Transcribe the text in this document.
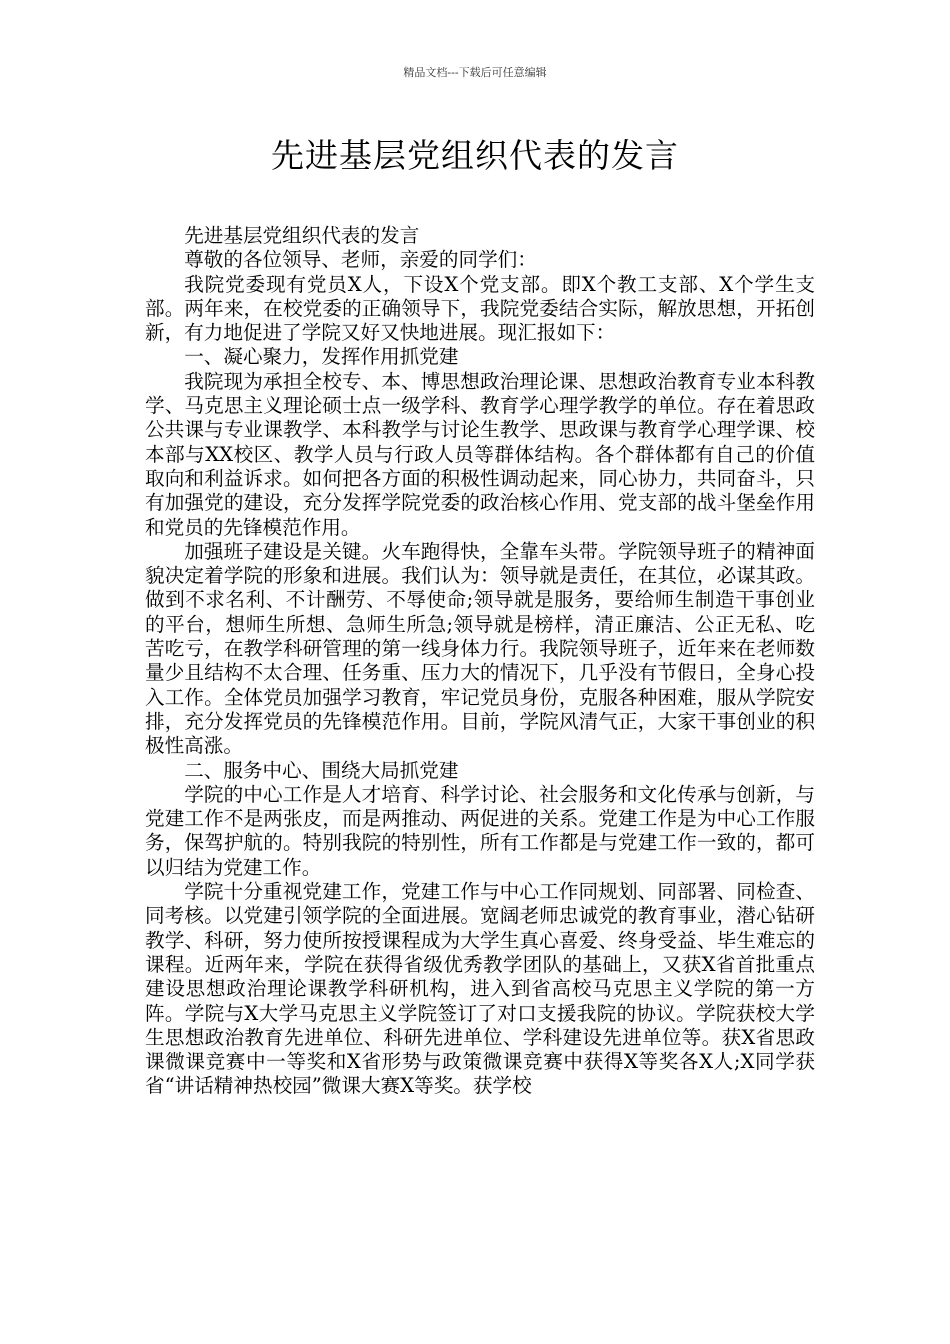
精品文档---下载后可任意编辑
先进基层党组织代表的发言

先进基层党组织代表的发言

尊敬的各位领导、老师，亲爱的同学们：

我院党委现有党员X人，下设X个党支部。即X个教工支部、X个学生支部。两年来，在校党委的正确领导下，我院党委结合实际，解放思想，开拓创新，有力地促进了学院又好又快地进展。现汇报如下：

一、凝心聚力，发挥作用抓党建

我院现为承担全校专、本、博思想政治理论课、思想政治教育专业本科教学、马克思主义理论硕士点一级学科、教育学心理学教学的单位。存在着思政公共课与专业课教学、本科教学与讨论生教学、思政课与教育学心理学课、校本部与XX校区、教学人员与行政人员等群体结构。各个群体都有自己的价值取向和利益诉求。如何把各方面的积极性调动起来，同心协力，共同奋斗，只有加强党的建设，充分发挥学院党委的政治核心作用、党支部的战斗堡垒作用和党员的先锋模范作用。

加强班子建设是关键。火车跑得快，全靠车头带。学院领导班子的精神面貌决定着学院的形象和进展。我们认为：领导就是责任，在其位，必谋其政。做到不求名利、不计酬劳、不辱使命;领导就是服务，要给师生制造干事创业的平台，想师生所想、急师生所急;领导就是榜样，清正廉洁、公正无私、吃苦吃亏，在教学科研管理的第一线身体力行。我院领导班子，近年来在老师数量少且结构不太合理、任务重、压力大的情况下，几乎没有节假日，全身心投入工作。全体党员加强学习教育，牢记党员身份，克服各种困难，服从学院安排，充分发挥党员的先锋模范作用。目前，学院风清气正，大家干事创业的积极性高涨。

二、服务中心、围绕大局抓党建

学院的中心工作是人才培育、科学讨论、社会服务和文化传承与创新，与党建工作不是两张皮，而是两推动、两促进的关系。党建工作是为中心工作服务，保驾护航的。特别我院的特别性，所有工作都是与党建工作一致的，都可以归结为党建工作。

学院十分重视党建工作，党建工作与中心工作同规划、同部署、同检查、同考核。以党建引领学院的全面进展。宽阔老师忠诚党的教育事业，潜心钻研教学、科研，努力使所按授课程成为大学生真心喜爱、终身受益、毕生难忘的课程。近两年来，学院在获得省级优秀教学团队的基础上，又获X省首批重点建设思想政治理论课教学科研机构，进入到省高校马克思主义学院的第一方阵。学院与X大学马克思主义学院签订了对口支援我院的协议。学院获校大学生思想政治教育先进单位、科研先进单位、学科建设先进单位等。获X省思政课微课竞赛中一等奖和X省形势与政策微课竞赛中获得X等奖各X人;X同学获省“讲话精神热校园”微课大赛X等奖。获学校
